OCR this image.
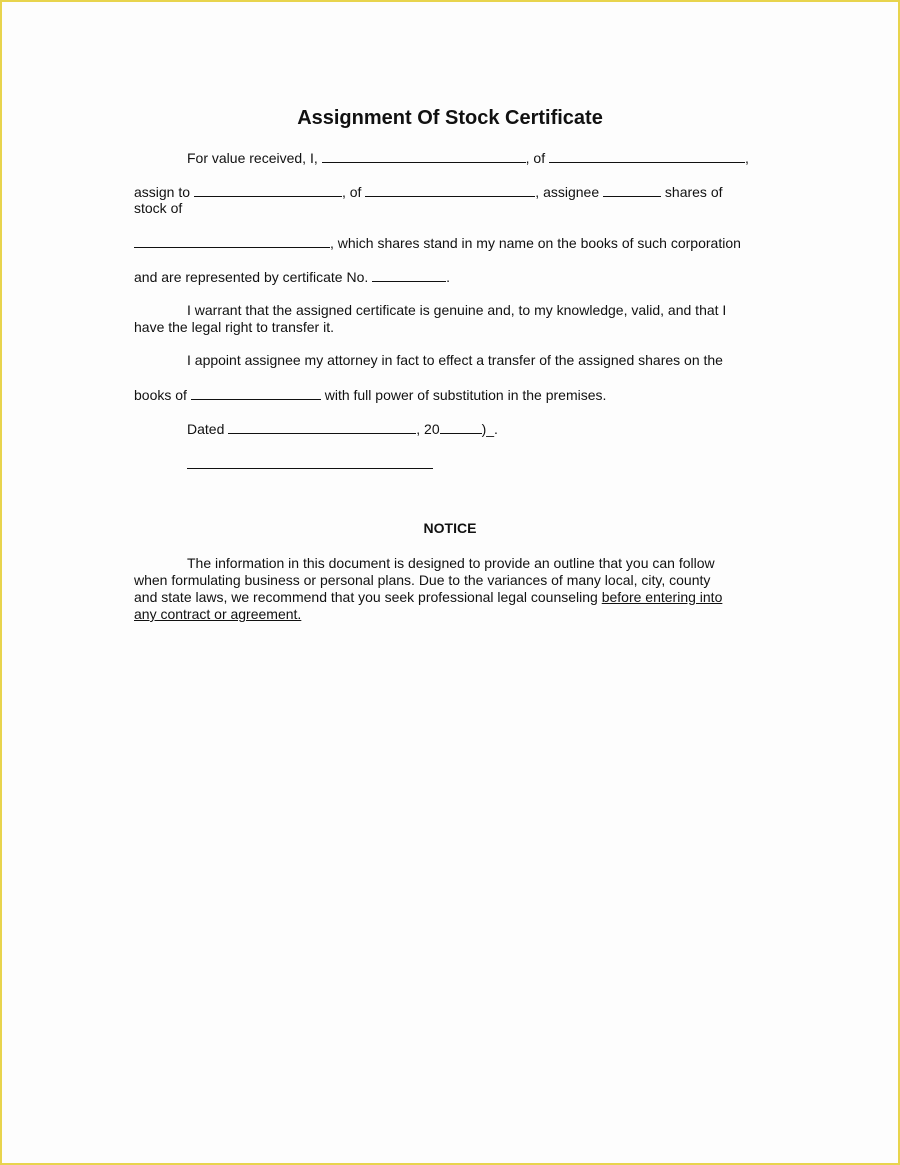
Assignment Of Stock Certificate
For value received, I,	, of	,
assign to	, of	, assignee	shares of
stock of
, which shares stand in my name on the books of such corporation
and are represented by certificate No.	.
I warrant that the assigned certificate is genuine and, to my knowledge, valid, and that I
have the legal right to transfer it.
I appoint assignee my attorney in fact to effect a transfer of the assigned shares on the
books of	with full power of substitution in the premises.
Dated	, 20	)_.
NOTICE

The information in this document is designed to provide an outline that you can follow

when formulating business or personal plans. Due to the variances of many local, city, county

and state laws, we recommend that you seek professional legal counseling before entering into

any contract or agreement.
